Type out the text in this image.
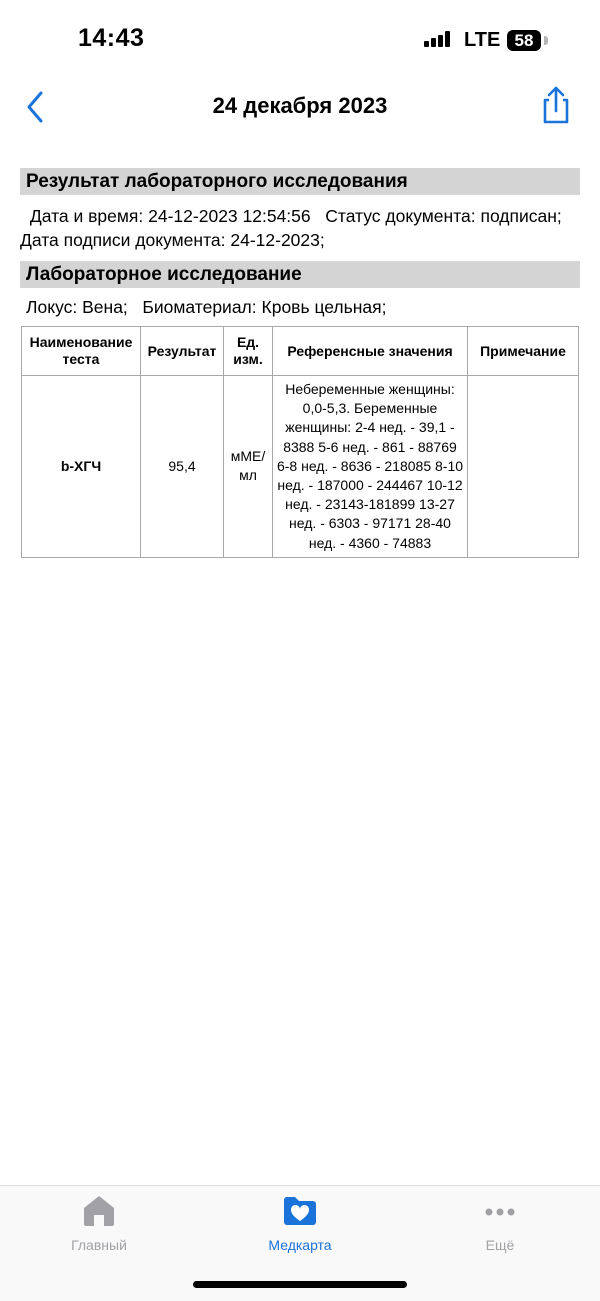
14:43	LTE 58
24 декабря 2023
Результат лабораторного исследования
Дата и время: 24-12-2023 12:54:56 Статус документа: подписан; Дата подписи документа: 24-12-2023;
Лабораторное исследование
Локус: Вена; Биоматериал: Кровь цельная;
Наименование теста	Результат	Ед. изм.	Референсные значения	Примечание
b-ХГЧ	95,4	мМЕ/мл	Небеременные женщины: 0,0-5,3. Беременные женщины: 2-4 нед. - 39,1 - 8388 5-6 нед. - 861 - 88769 6-8 нед. - 8636 - 218085 8-10 нед. - 187000 - 244467 10-12 нед. - 23143-181899 13-27 нед. - 6303 - 97171 28-40 нед. - 4360 - 74883	
Главный	Медкарта	Ещё
